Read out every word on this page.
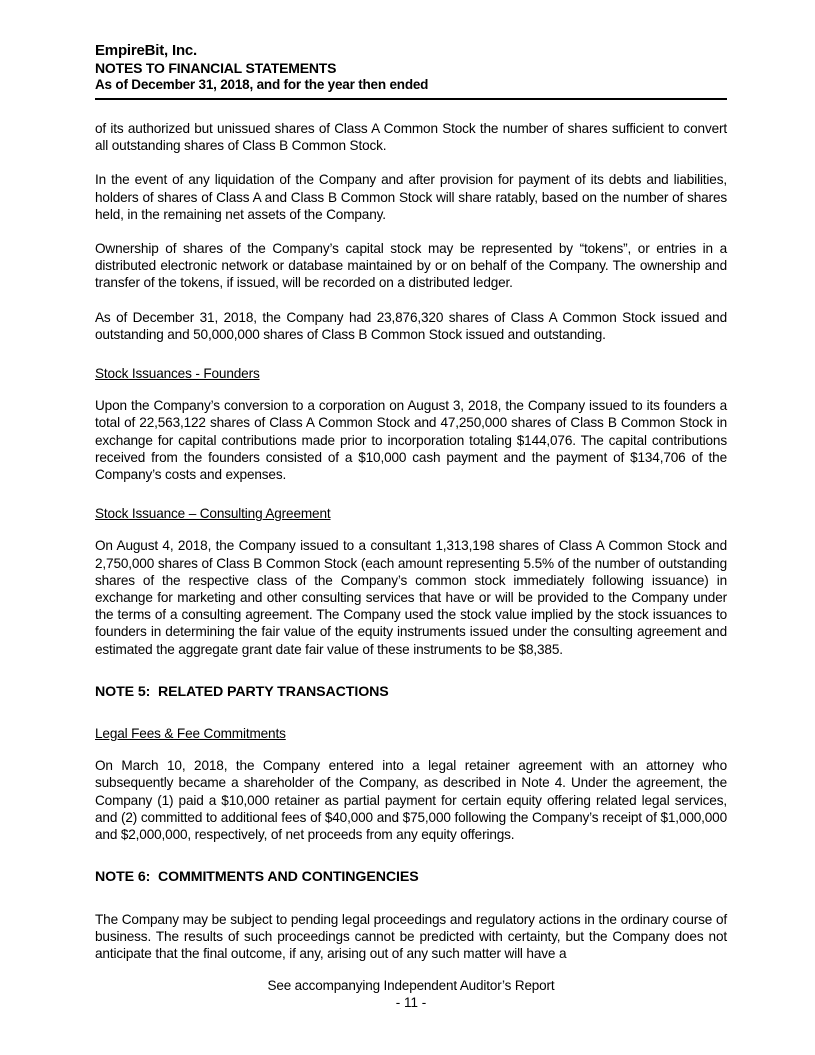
EmpireBit, Inc.

NOTES TO FINANCIAL STATEMENTS

As of December 31, 2018, and for the year then ended

of its authorized but unissued shares of Class A Common Stock the number of shares sufficient to convert all outstanding shares of Class B Common Stock.

In the event of any liquidation of the Company and after provision for payment of its debts and liabilities, holders of shares of Class A and Class B Common Stock will share ratably, based on the number of shares held, in the remaining net assets of the Company.

Ownership of shares of the Company’s capital stock may be represented by “tokens”, or entries in a distributed electronic network or database maintained by or on behalf of the Company. The ownership and transfer of the tokens, if issued, will be recorded on a distributed ledger.

As of December 31, 2018, the Company had 23,876,320 shares of Class A Common Stock issued and outstanding and 50,000,000 shares of Class B Common Stock issued and outstanding.

Stock Issuances - Founders

Upon the Company’s conversion to a corporation on August 3, 2018, the Company issued to its founders a total of 22,563,122 shares of Class A Common Stock and 47,250,000 shares of Class B Common Stock in exchange for capital contributions made prior to incorporation totaling $144,076. The capital contributions received from the founders consisted of a $10,000 cash payment and the payment of $134,706 of the Company’s costs and expenses.

Stock Issuance – Consulting Agreement

On August 4, 2018, the Company issued to a consultant 1,313,198 shares of Class A Common Stock and 2,750,000 shares of Class B Common Stock (each amount representing 5.5% of the number of outstanding shares of the respective class of the Company’s common stock immediately following issuance) in exchange for marketing and other consulting services that have or will be provided to the Company under the terms of a consulting agreement. The Company used the stock value implied by the stock issuances to founders in determining the fair value of the equity instruments issued under the consulting agreement and estimated the aggregate grant date fair value of these instruments to be $8,385.

NOTE 5:  RELATED PARTY TRANSACTIONS
Legal Fees & Fee Commitments

On March 10, 2018, the Company entered into a legal retainer agreement with an attorney who subsequently became a shareholder of the Company, as described in Note 4. Under the agreement, the Company (1) paid a $10,000 retainer as partial payment for certain equity offering related legal services, and (2) committed to additional fees of $40,000 and $75,000 following the Company’s receipt of $1,000,000 and $2,000,000, respectively, of net proceeds from any equity offerings.

NOTE 6:  COMMITMENTS AND CONTINGENCIES

The Company may be subject to pending legal proceedings and regulatory actions in the ordinary course of business. The results of such proceedings cannot be predicted with certainty, but the Company does not anticipate that the final outcome, if any, arising out of any such matter will have a

See accompanying Independent Auditor’s Report

- 11 -
